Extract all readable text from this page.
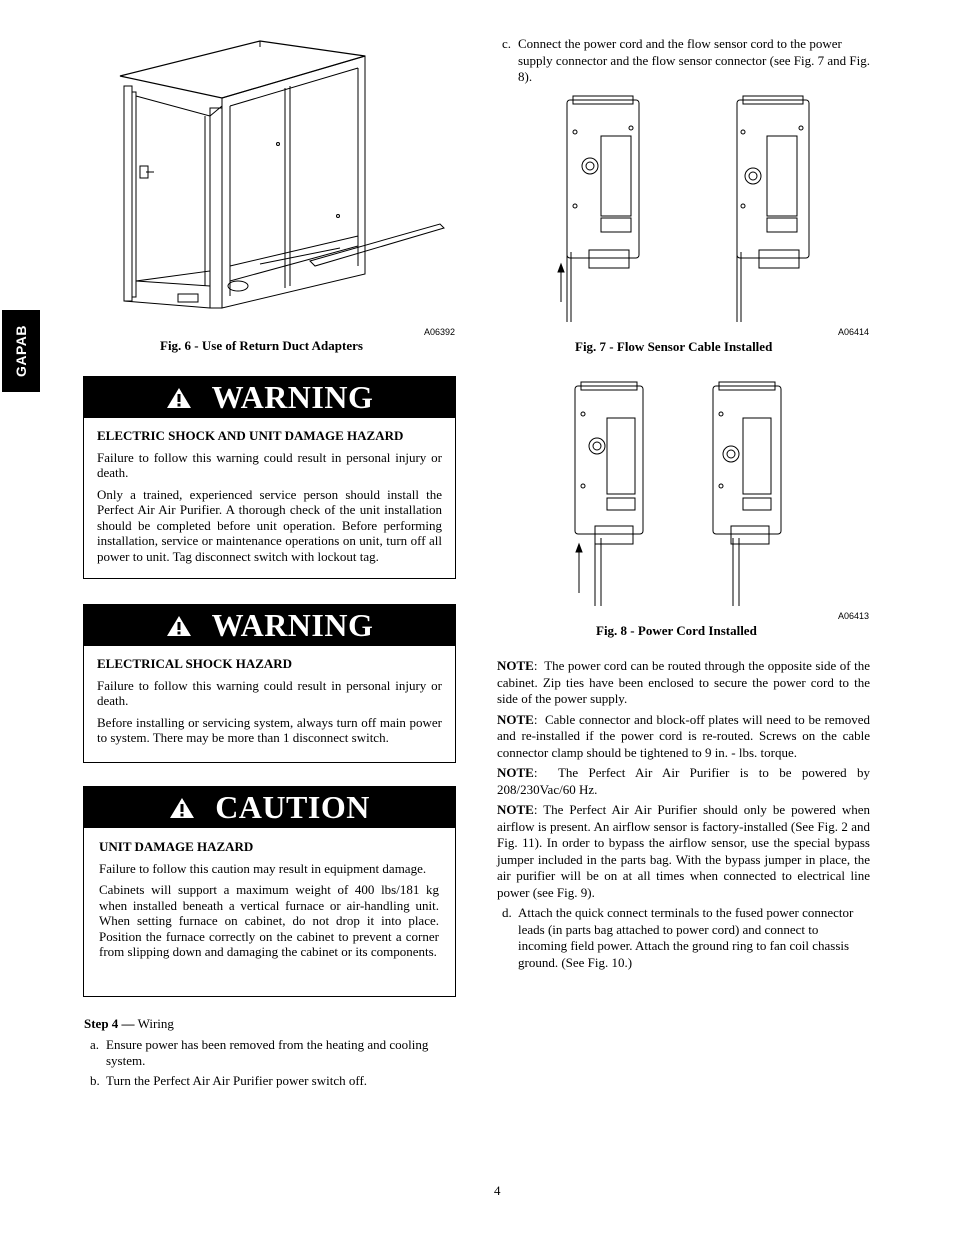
GAPAB	A06392
Fig. 6 - Use of Return Duct Adapters
WARNING
ELECTRIC SHOCK AND UNIT DAMAGE HAZARD

Failure to follow this warning could result in personal injury or death.

Only a trained, experienced service person should install the Perfect Air Air Purifier. A thorough check of the unit installation should be completed before unit operation. Before performing installation, service or maintenance operations on unit, turn off all power to unit. Tag disconnect switch with lockout tag.

WARNING
ELECTRICAL SHOCK HAZARD

Failure to follow this warning could result in personal injury or death.

Before installing or servicing system, always turn off main power to system. There may be more than 1 disconnect switch.

CAUTION
UNIT DAMAGE HAZARD

Failure to follow this caution may result in equipment damage.

Cabinets will support a maximum weight of 400 lbs/181 kg when installed beneath a vertical furnace or air-handling unit. When setting furnace on cabinet, do not drop it into place. Position the furnace correctly on the cabinet to prevent a corner from slipping down and damaging the cabinet or its components.

Step 4 — Wiring

a. Ensure power has been removed from the heating and cooling system.
b. Turn the Perfect Air Air Purifier power switch off.
c. Connect the power cord and the flow sensor cord to the power supply connector and the flow sensor connector (see Fig. 7 and Fig. 8).
A06414
Fig. 7 - Flow Sensor Cable Installed
A06413
Fig. 8 - Power Cord Installed

NOTE:  The power cord can be routed through the opposite side of the cabinet. Zip ties have been enclosed to secure the power cord to the side of the power supply.

NOTE:  Cable connector and block-off plates will need to be removed and re-installed if the power cord is re-routed. Screws on the cable connector clamp should be tightened to 9 in. - lbs. torque.

NOTE:  The Perfect Air Air Purifier is to be powered by 208/230Vac/60 Hz.

NOTE: The Perfect Air Air Purifier should only be powered when airflow is present. An airflow sensor is factory-installed (See Fig. 2 and Fig. 11). In order to bypass the airflow sensor, use the special bypass jumper included in the parts bag. With the bypass jumper in place, the air purifier will be on at all times when connected to electrical line power (see Fig. 9).

d. Attach the quick connect terminals to the fused power connector leads (in parts bag attached to power cord) and connect to incoming field power. Attach the ground ring to fan coil chassis ground. (See Fig. 10.)
4
